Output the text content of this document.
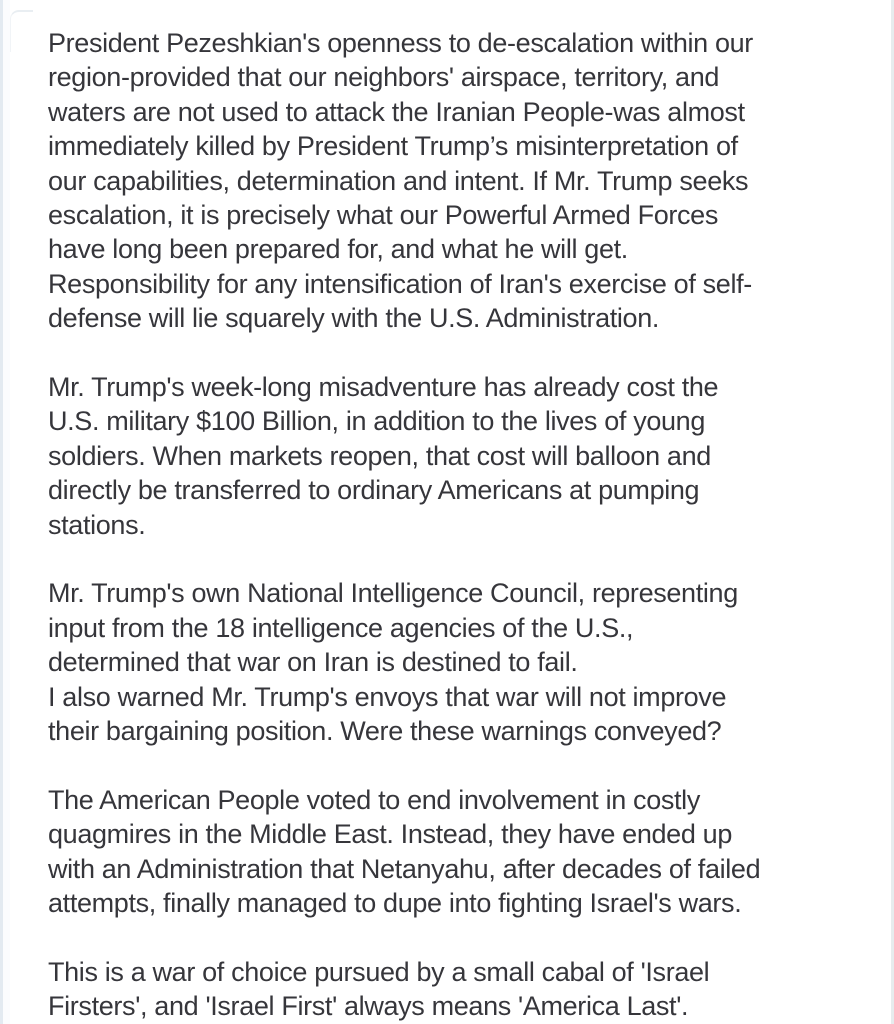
President Pezeshkian's openness to de-escalation within our
region-provided that our neighbors' airspace, territory, and
waters are not used to attack the Iranian People-was almost
immediately killed by President Trump’s misinterpretation of
our capabilities, determination and intent. If Mr. Trump seeks
escalation, it is precisely what our Powerful Armed Forces
have long been prepared for, and what he will get.
Responsibility for any intensification of Iran's exercise of self-
defense will lie squarely with the U.S. Administration.
Mr. Trump's week-long misadventure has already cost the
U.S. military $100 Billion, in addition to the lives of young
soldiers. When markets reopen, that cost will balloon and
directly be transferred to ordinary Americans at pumping
stations.
Mr. Trump's own National Intelligence Council, representing
input from the 18 intelligence agencies of the U.S.,
determined that war on Iran is destined to fail.
I also warned Mr. Trump's envoys that war will not improve
their bargaining position. Were these warnings conveyed?
The American People voted to end involvement in costly
quagmires in the Middle East. Instead, they have ended up
with an Administration that Netanyahu, after decades of failed
attempts, finally managed to dupe into fighting Israel's wars.
This is a war of choice pursued by a small cabal of 'Israel
Firsters', and 'Israel First' always means 'America Last'.
